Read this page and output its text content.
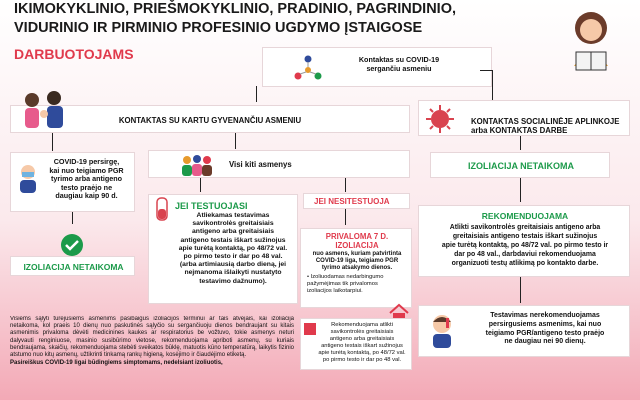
IKIMOKYKLINIO, PRIEŠMOKYKLINIO, PRADINIO, PAGRINDINIO,
VIDURINIO IR PIRMINIO PROFESINIO UGDYMO ĮSTAIGOSE
DARBUOTOJAMS	Kontaktas su COVID-19
sergančiu asmeniu
KONTAKTAS SU KARTU GYVENANČIU ASMENIU	KONTAKTAS SOCIALINĖJE APLINKOJE
arba KONTAKTAS DARBE

COVID-19 persirgę,
kai nuo teigiamo PGR
tyrimo arba antigeno
testo praėjo ne
daugiau kaip 90 d.
Visi kiti asmenys
JEI TESTUOJASI
Atliekamas testavimas
savikontrolės greitaisiais
antigeno arba greitaisiais
antigeno testais iškart sužinojus
apie turėtą kontaktą, po 48/72 val.
po pirmo testo ir dar po 48 val.
(arba artimiausią darbo dieną, jei
nejmanoma išlaikyti nustatyto
testavimo dažnumo).
JEI NESITESTUOJA
PRIVALOMA 7 D.
IZOLIACIJA
nuo asmens, kuriam patvirtinta
COVID-19 liga, teigiamo PGR
tyrimo atsakymo dienos.
• Izoliuodamas nedarbingumo
pažymėjimas tik privalomos
izoliacijos laikotarpiui.
Rekomenduojama atlikti
savikontrolės greitaisiais
antigeno arba greitaisiais
antigeno testais iškart sužinojus
apie turėtą kontaktą, po 48/72 val.
po pirmo testo ir dar po 48 val.
IZOLIACIJA NETAIKOMA
IZOLIACIJA NETAIKOMA
REKOMENDUOJAMA
Atlikti savikontrolės greitaisiais antigeno arba
greitaisiais antigeno testais iškart sužinojus
apie turėtą kontaktą, po 48/72 val. po pirmo testo ir
dar po 48 val., darbdaviui rekomenduojama
organizuoti testų atlikimą po kontakto darbe.
Testavimas nerekomenduojamas
persirgusiems asmenims, kai nuo
teigiamo PGR/antigeno testo praėjo
ne daugiau nei 90 dienų.
Visiems sąlyti turėjusiems asmenims pasibaigus izoliacijos terminui ar tais atvejais, kai izoliacija netaikoma, kol praeis 10 dienų nuo paskutinės sąlyčio su sergančiuoju dienos bendraujant su kitais asmenimis privaloma dėvėti medicinines kaukes ar respiratorius be vožtuvo, tokie asmenys neturi dalyvauti renginiuose, masinio susibūrimo vietose, rekomenduojama apriboti asmenų, su kuriais bendraujama, skaičių, rekomenduojama stebėti sveikatos būklę, matuotis kūno temperatūrą, laikytis fizinio atstumo nuo kitų asmenų, užtikrinti tinkamą rankų higieną, kosėjimo ir čiaudėjimo etiketą.
Pasireiškus COVID-19 ligai būdingiems simptomams, nedelsiant izoliuotis,
